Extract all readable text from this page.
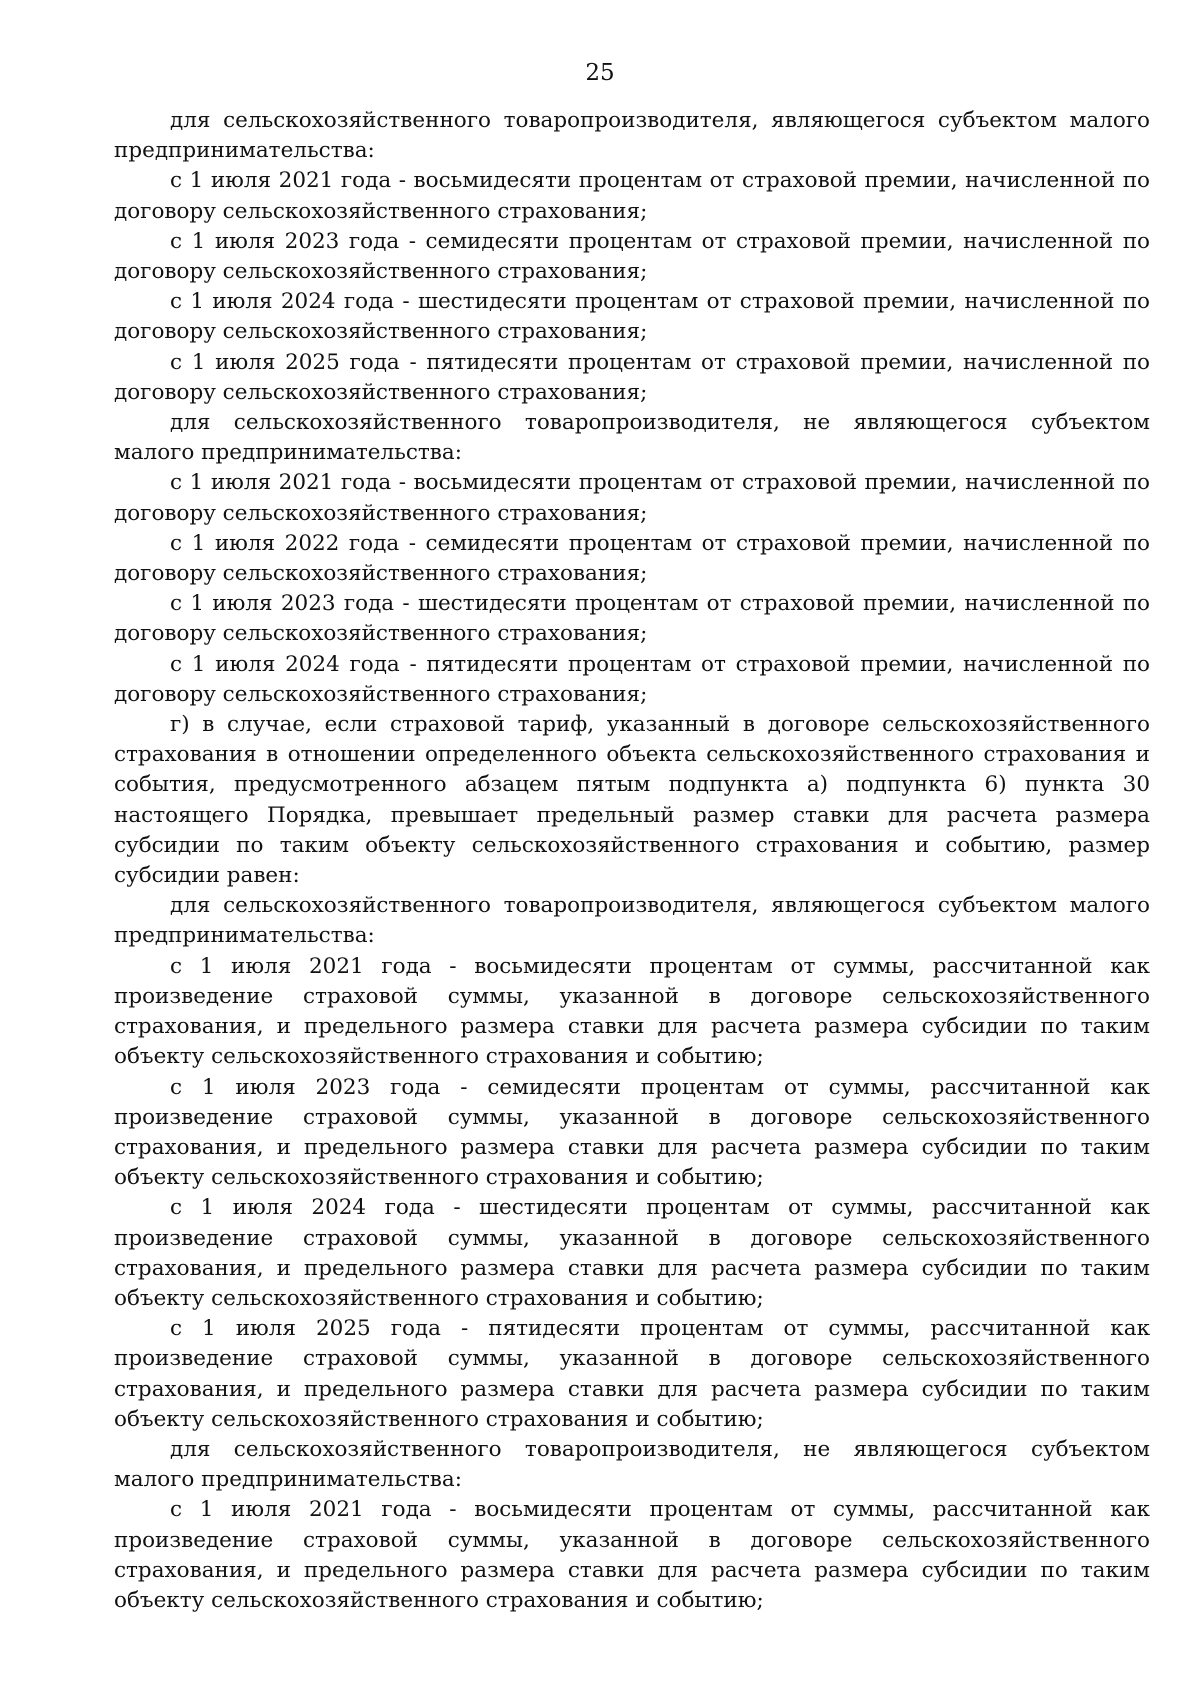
25

для сельскохозяйственного товаропроизводителя, являющегося субъектом малого предпринимательства:

с 1 июля 2021 года - восьмидесяти процентам от страховой премии, начисленной по договору сельскохозяйственного страхования;

с 1 июля 2023 года - семидесяти процентам от страховой премии, начисленной по договору сельскохозяйственного страхования;

с 1 июля 2024 года - шестидесяти процентам от страховой премии, начисленной по договору сельскохозяйственного страхования;

с 1 июля 2025 года - пятидесяти процентам от страховой премии, начисленной по договору сельскохозяйственного страхования;

для сельскохозяйственного товаропроизводителя, не являющегося субъектом малого предпринимательства:

с 1 июля 2021 года - восьмидесяти процентам от страховой премии, начисленной по договору сельскохозяйственного страхования;

с 1 июля 2022 года - семидесяти процентам от страховой премии, начисленной по договору сельскохозяйственного страхования;

с 1 июля 2023 года - шестидесяти процентам от страховой премии, начисленной по договору сельскохозяйственного страхования;

с 1 июля 2024 года - пятидесяти процентам от страховой премии, начисленной по договору сельскохозяйственного страхования;

г) в случае, если страховой тариф, указанный в договоре сельскохозяйственного страхования в отношении определенного объекта сельскохозяйственного страхования и события, предусмотренного абзацем пятым подпункта а) подпункта 6) пункта 30 настоящего Порядка, превышает предельный размер ставки для расчета размера субсидии по таким объекту сельскохозяйственного страхования и событию, размер субсидии равен:

для сельскохозяйственного товаропроизводителя, являющегося субъектом малого предпринимательства:

с 1 июля 2021 года - восьмидесяти процентам от суммы, рассчитанной как произведение страховой суммы, указанной в договоре сельскохозяйственного страхования, и предельного размера ставки для расчета размера субсидии по таким объекту сельскохозяйственного страхования и событию;

с 1 июля 2023 года - семидесяти процентам от суммы, рассчитанной как произведение страховой суммы, указанной в договоре сельскохозяйственного страхования, и предельного размера ставки для расчета размера субсидии по таким объекту сельскохозяйственного страхования и событию;

с 1 июля 2024 года - шестидесяти процентам от суммы, рассчитанной как произведение страховой суммы, указанной в договоре сельскохозяйственного страхования, и предельного размера ставки для расчета размера субсидии по таким объекту сельскохозяйственного страхования и событию;

с 1 июля 2025 года - пятидесяти процентам от суммы, рассчитанной как произведение страховой суммы, указанной в договоре сельскохозяйственного страхования, и предельного размера ставки для расчета размера субсидии по таким объекту сельскохозяйственного страхования и событию;

для сельскохозяйственного товаропроизводителя, не являющегося субъектом малого предпринимательства:

с 1 июля 2021 года - восьмидесяти процентам от суммы, рассчитанной как произведение страховой суммы, указанной в договоре сельскохозяйственного страхования, и предельного размера ставки для расчета размера субсидии по таким объекту сельскохозяйственного страхования и событию;
